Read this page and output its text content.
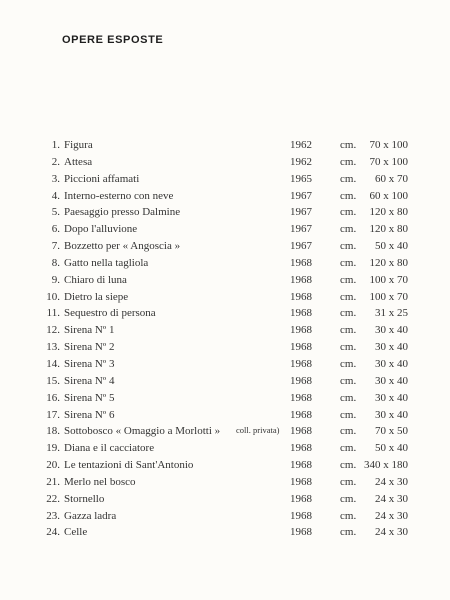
OPERE ESPOSTE
1. Figura	1962	cm.	70 x 100
2. Attesa	1962	cm.	70 x 100
3. Piccioni affamati	1965	cm.	60 x 70
4. Interno-esterno con neve	1967	cm.	60 x 100
5. Paesaggio presso Dalmine	1967	cm.	120 x 80
6. Dopo l'alluvione	1967	cm.	120 x 80
7. Bozzetto per « Angoscia »	1967	cm.	50 x 40
8. Gatto nella tagliola	1968	cm.	120 x 80
9. Chiaro di luna	1968	cm.	100 x 70
10. Dietro la siepe	1968	cm.	100 x 70
11. Sequestro di persona	1968	cm.	31 x 25
12. Sirena Nº 1	1968	cm.	30 x 40
13. Sirena Nº 2	1968	cm.	30 x 40
14. Sirena Nº 3	1968	cm.	30 x 40
15. Sirena Nº 4	1968	cm.	30 x 40
16. Sirena Nº 5	1968	cm.	30 x 40
17. Sirena Nº 6	1968	cm.	30 x 40
18. Sottobosco « Omaggio a Morlotti »	1968	cm.	70 x 50
coll. privata)
19. Diana e il cacciatore	1968	cm.	50 x 40
20. Le tentazioni di Sant'Antonio	1968	cm. 340 x 180
21. Merlo nel bosco	1968	cm.	24 x 30
22. Stornello	1968	cm.	24 x 30
23. Gazza ladra	1968	cm.	24 x 30
24. Celle	1968	cm.	24 x 30
